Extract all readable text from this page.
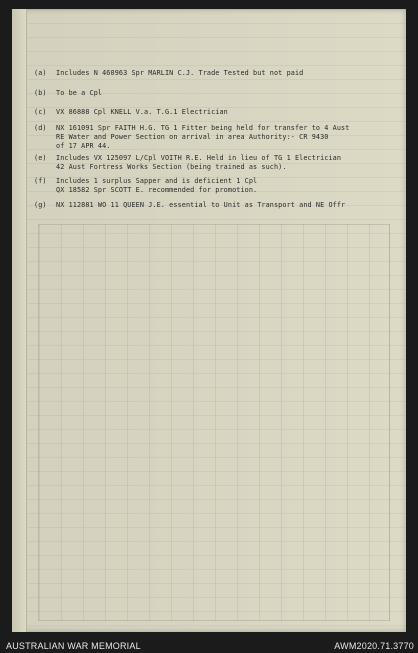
(a) Includes N 460963 Spr MARLIN C.J. Trade Tested but not paid
(b) To be a Cpl
(c) VX 86888 Cpl KNELL V.a. T.G.1 Electrician
(d) NX 161091 Spr FAITH H.G. TG 1 Fitter being held for transfer to 4 Aust
RE Water and Power Section on arrival in area Authority:- CR 9430
of 17 APR 44.
(e) Includes VX 125097 L/Cpl VOITH R.E. Held in lieu of TG 1 Electrician
42 Aust Fortress Works Section (being trained as such).
(f) Includes 1 surplus Sapper and is deficient 1 Cpl
QX 18582 Spr SCOTT E. recommended for promotion.
(g) NX 112881 WO 11 QUEEN J.E. essential to Unit as Transport and NE Offr
AUSTRALIAN WAR MEMORIAL	AWM2020.71.3770
